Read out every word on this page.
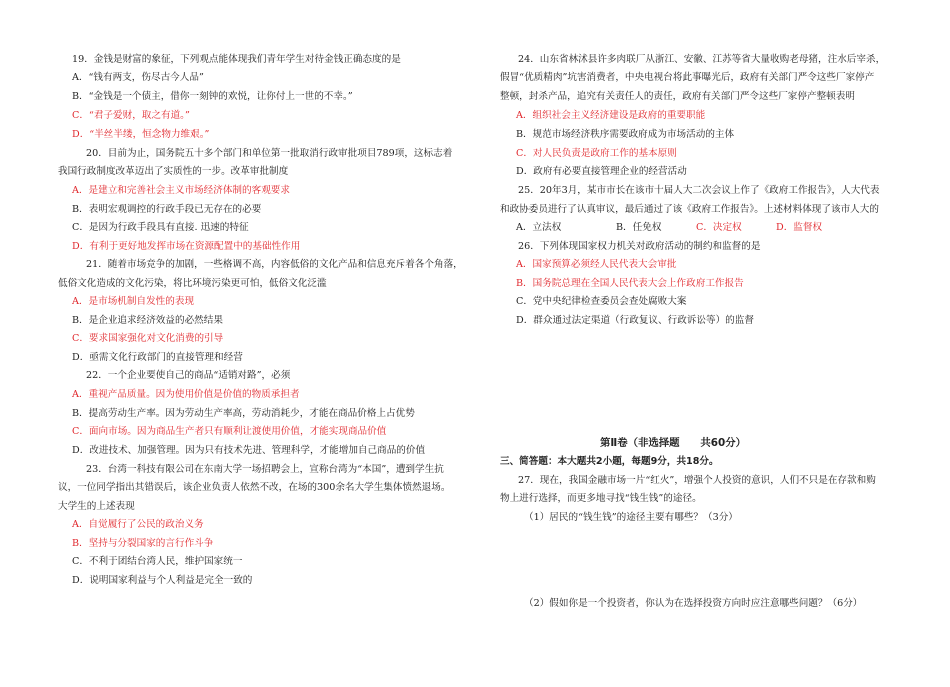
19．金钱是财富的象征，下列观点能体现我们青年学生对待金钱正确态度的是
A．“钱有两支，伤尽古今人品”
B．“金钱是一个债主，借你一刻钟的欢悦，让你付上一世的不幸。”
C．“君子爱财，取之有道。”
D．“半丝半缕，恒念物力维艰。”
20．目前为止，国务院五十多个部门和单位第一批取消行政审批项目789项，这标志着
我国行政制度改革迈出了实质性的一步。改革审批制度
A．是建立和完善社会主义市场经济体制的客观要求
B．表明宏观调控的行政手段已无存在的必要
C．是因为行政手段具有直接. 迅速的特征
D．有利于更好地发挥市场在资源配置中的基础性作用
21．随着市场竞争的加剧，一些格调不高，内容低俗的文化产品和信息充斥着各个角落，
低俗文化造成的文化污染，将比环境污染更可怕，低俗文化泛滥
A．是市场机制自发性的表现
B．是企业追求经济效益的必然结果
C．要求国家强化对文化消费的引导
D．亟需文化行政部门的直接管理和经营
22．一个企业要使自己的商品“适销对路”，必须
A．重视产品质量。因为使用价值是价值的物质承担者
B．提高劳动生产率。因为劳动生产率高，劳动消耗少，才能在商品价格上占优势
C．面向市场。因为商品生产者只有顺利让渡使用价值，才能实现商品价值
D．改进技术、加强管理。因为只有技术先进、管理科学，才能增加自己商品的价值
23．台湾一科技有限公司在东南大学一场招聘会上，宣称台湾为“本国”，遭到学生抗
议，一位同学指出其错误后，该企业负责人依然不改，在场的300余名大学生集体愤然退场。
大学生的上述表现
A．自觉履行了公民的政治义务
B．坚持与分裂国家的言行作斗争
C．不利于团结台湾人民，维护国家统一
D．说明国家利益与个人利益是完全一致的
24．山东省林沭县许多肉联厂从浙江、安徽、江苏等省大量收购老母猪，注水后宰杀，
假冒“优质精肉”坑害消费者，中央电视台将此事曝光后，政府有关部门严令这些厂家停产
整顿，封杀产品，追究有关责任人的责任，政府有关部门严令这些厂家停产整顿表明
A．组织社会主义经济建设是政府的重要职能
B．规范市场经济秩序需要政府成为市场活动的主体
C．对人民负责是政府工作的基本原则
D．政府有必要直接管理企业的经营活动
25．20年3月，某市市长在该市十届人大二次会议上作了《政府工作报告》，人大代表
和政协委员进行了认真审议，最后通过了该《政府工作报告》。上述材料体现了该市人大的
A．立法权	B．任免权	C．决定权	D．监督权
26．下列体现国家权力机关对政府活动的制约和监督的是
A．国家预算必须经人民代表大会审批
B．国务院总理在全国人民代表大会上作政府工作报告
C．党中央纪律检查委员会查处腐败大案
D．群众通过法定渠道（行政复议、行政诉讼等）的监督
第Ⅱ卷（非选择题　　共60分）
三、简答题：本大题共2小题，每题9分，共18分。
27．现在，我国金融市场一片“红火”，增强个人投资的意识，人们不只是在存款和购
物上进行选择，而更多地寻找“钱生钱”的途径。
（1）居民的“钱生钱”的途径主要有哪些？（3分）
（2）假如你是一个投资者，你认为在选择投资方向时应注意哪些问题？（6分）
